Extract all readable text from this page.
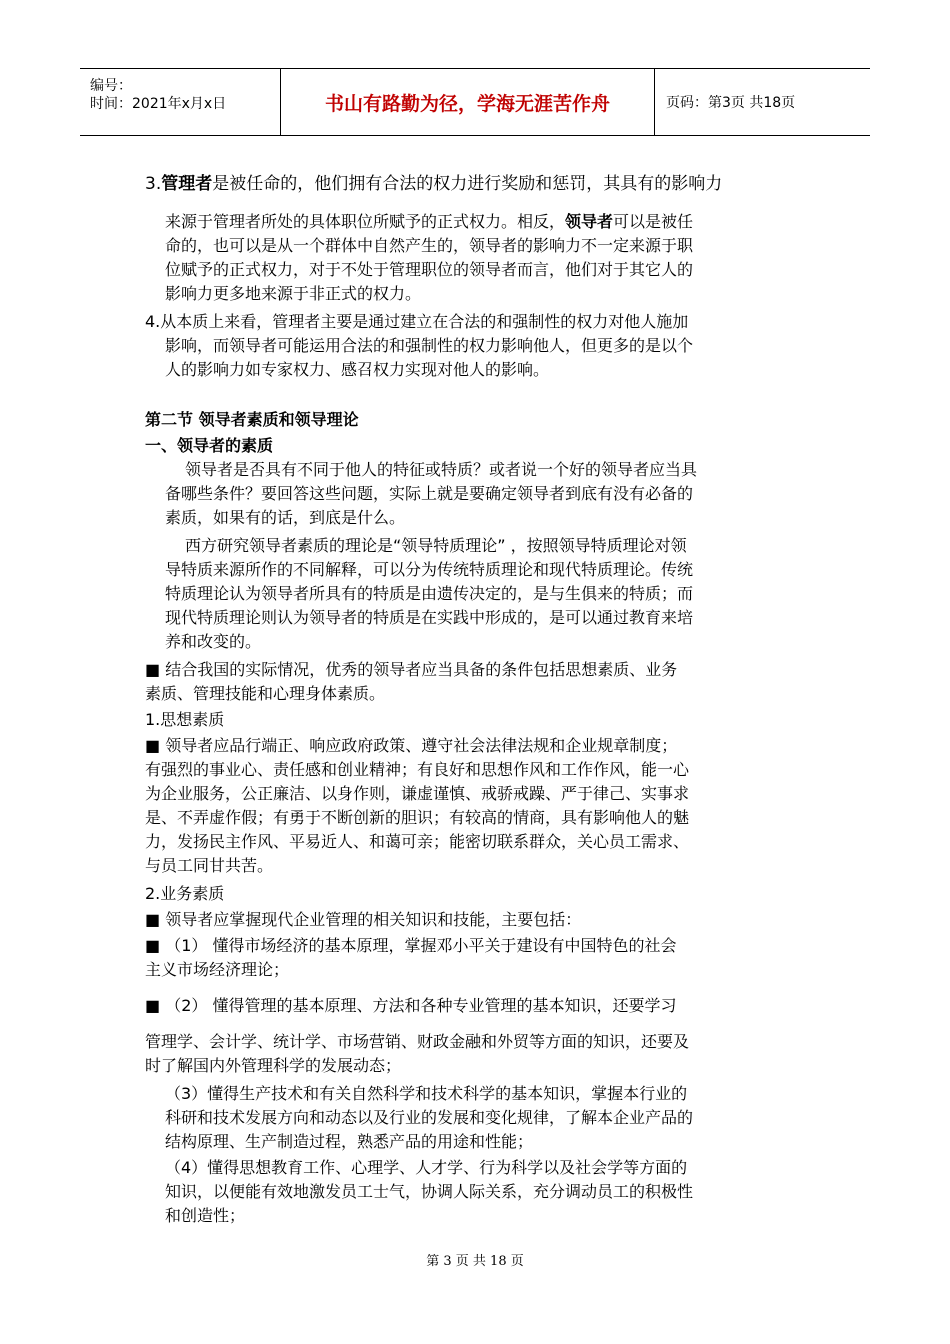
编号：
时间：2021年x月x日	书山有路勤为径，学海无涯苦作舟	页码：第3页 共18页
3.管理者是被任命的，他们拥有合法的权力进行奖励和惩罚，其具有的影响力
来源于管理者所处的具体职位所赋予的正式权力。相反，领导者可以是被任
命的，也可以是从一个群体中自然产生的，领导者的影响力不一定来源于职
位赋予的正式权力，对于不处于管理职位的领导者而言，他们对于其它人的
影响力更多地来源于非正式的权力。
4.从本质上来看，管理者主要是通过建立在合法的和强制性的权力对他人施加
影响，而领导者可能运用合法的和强制性的权力影响他人，但更多的是以个
人的影响力如专家权力、感召权力实现对他人的影响。
第二节 领导者素质和领导理论
一、领导者的素质
领导者是否具有不同于他人的特征或特质？或者说一个好的领导者应当具
备哪些条件？要回答这些问题，实际上就是要确定领导者到底有没有必备的
素质，如果有的话，到底是什么。
西方研究领导者素质的理论是“领导特质理论” ，按照领导特质理论对领
导特质来源所作的不同解释，可以分为传统特质理论和现代特质理论。传统
特质理论认为领导者所具有的特质是由遗传决定的，是与生俱来的特质；而
现代特质理论则认为领导者的特质是在实践中形成的，是可以通过教育来培
养和改变的。
■ 结合我国的实际情况，优秀的领导者应当具备的条件包括思想素质、业务
素质、管理技能和心理身体素质。
1.思想素质
■ 领导者应品行端正、响应政府政策、遵守社会法律法规和企业规章制度；
有强烈的事业心、责任感和创业精神；有良好和思想作风和工作作风，能一心
为企业服务，公正廉洁、以身作则，谦虚谨慎、戒骄戒躁、严于律己、实事求
是、不弄虚作假；有勇于不断创新的胆识；有较高的情商，具有影响他人的魅
力，发扬民主作风、平易近人、和蔼可亲；能密切联系群众，关心员工需求、
与员工同甘共苦。
2.业务素质
■ 领导者应掌握现代企业管理的相关知识和技能，主要包括：
■ （1） 懂得市场经济的基本原理，掌握邓小平关于建设有中国特色的社会
主义市场经济理论；
■ （2） 懂得管理的基本原理、方法和各种专业管理的基本知识，还要学习
管理学、会计学、统计学、市场营销、财政金融和外贸等方面的知识，还要及
时了解国内外管理科学的发展动态；
（3）懂得生产技术和有关自然科学和技术科学的基本知识，掌握本行业的
科研和技术发展方向和动态以及行业的发展和变化规律，了解本企业产品的
结构原理、生产制造过程，熟悉产品的用途和性能；
（4）懂得思想教育工作、心理学、人才学、行为科学以及社会学等方面的
知识，以便能有效地激发员工士气，协调人际关系，充分调动员工的积极性
和创造性；
第 3 页 共 18 页
